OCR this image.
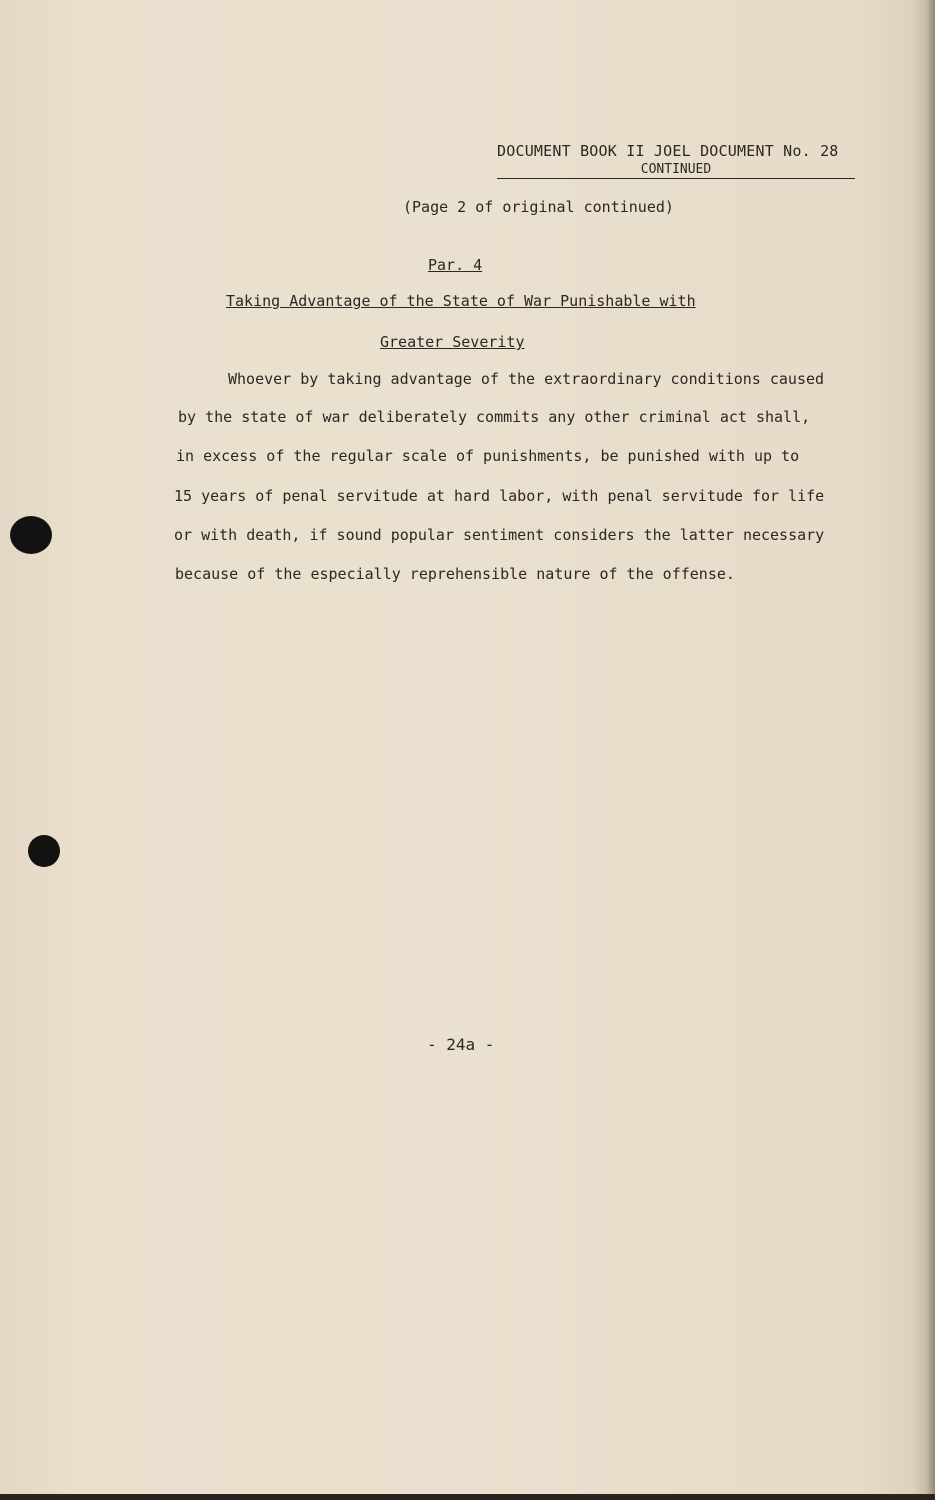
DOCUMENT BOOK II JOEL DOCUMENT No. 28
CONTINUED
(Page 2 of original continued)
Par. 4
Taking Advantage of the State of War Punishable with
Greater Severity
Whoever by taking advantage of the extraordinary conditions caused
by the state of war deliberately commits any other criminal act shall,
in excess of the regular scale of punishments, be punished with up to
15 years of penal servitude at hard labor, with penal servitude for life
or with death, if sound popular sentiment considers the latter necessary
because of the especially reprehensible nature of the offense.
- 24a -
